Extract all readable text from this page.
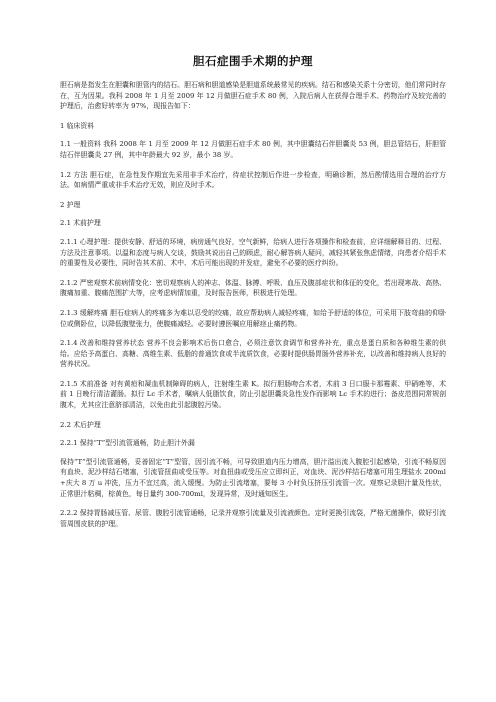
胆石症围手术期的护理

胆石病是指发生在胆囊和胆管内的结石。胆石病和胆道感染是胆道系统最常见的疾病。结石和感染关系十分密切，他们常同时存在，互为因果。我科 2008 年 1 月至 2009 年 12 月做胆石症手术 80 例，入院后病人在获得合理手术、药物治疗及较完善的护理后，治愈好转率为 97%，现报告如下：

1 临床资料

1.1 一般资料 我科 2008 年 1 月至 2009 年 12 月做胆石症手术 80 例，其中胆囊结石伴胆囊炎 53 例，胆总管结石，肝胆管结石伴胆囊炎 27 例，其中年龄最大 92 岁，最小 38 岁。

1.2 方法 胆石症，在急性发作期宜先采用非手术治疗，待症状控制后作进一步检查，明确诊断，然后酌情选用合理的治疗方法。如病情严重或非手术治疗无效，则应及时手术。

2 护理

2.1 术前护理

2.1.1 心理护理：提供安静、舒适的环境，病房通气良好，空气新鲜，给病人进行各项操作和检查前，应详细解释目的、过程、方法及注意事项。以温和态度与病人交谈，鼓励其说出自己的顾虑，耐心解答病人疑问，减轻其紧张焦虑情绪，向患者介绍手术的重要性及必要性，同时告其术前、术中、术后可能出现的并发症，避免不必要的医疗纠纷。

2.1.2 严密观察术前病情变化：密切观察病人的神志、体温、脉搏、呼吸、血压及腹部症状和体征的变化，若出现寒战、高热、腹痛加重、腹痛范围扩大等，应考虑病情加重，及时报告医师，积极进行处理。

2.1.3 缓解疼痛 胆石症病人的疼痛多为难以忍受的绞痛，故应帮助病人减轻疼痛，如给予舒适的体位，可采用下肢弯曲的仰卧位或侧卧位，以降低腹壁张力，使腹痛减轻。必要时遵医嘱应用解痉止痛药物。

2.1.4 改善和维持营养状态 营养不良会影响术后伤口愈合，必须注意饮食调节和营养补充，重点是蛋白质和各种维生素的供给。应给予高蛋白、高糖、高维生素、低脂的普通饮食或半流质饮食，必要时提供肠胃肠外营养补充，以改善和维持病人良好的营养状况。

2.1.5 术前准备 对有黄疸和凝血机制障碍的病人，注射维生素 K。拟行胆肠吻合术者，术前 3 日口服卡那霉素、甲硝唑等，术前 1 日晚行清洁灌肠。拟行 Lc 手术者，嘱病人低脂饮食，防止引起胆囊炎急性发作而影响 Lc 手术的进行；备皮范围同常规剖腹术，尤其应注意脐部清洁，以免由此引起腹腔污染。

2.2 术后护理

2.2.1 保持“T”型引流管通畅，防止胆汁外漏

保持“T”型引流管通畅，妥善固定“T”型管，因引流不畅，可导致胆道内压力增高，胆汁溢出流入腹腔引起感染，引流不畅原因有血块、泥沙样结石堵塞，引流管扭曲或受压等。对血扭曲或受压应立即纠正，对血块、泥沙样结石堵塞可用生理盐水 200ml+庆大 8 万 u 冲洗，压力不宜过高，流入缓慢。为防止引流堵塞，要每 3 小时负压挤压引流管一次。观察记录胆汁量及性状，正常胆汁粘稠，棕黄色，每日量约 300-700ml，发现异常，及时通知医生。

2.2.2 保持胃肠减压管、尿管、腹腔引流管通畅，记录并观察引流量及引流液颜色。定时更换引流袋，严格无菌操作，做好引流管周围皮肤的护理。
